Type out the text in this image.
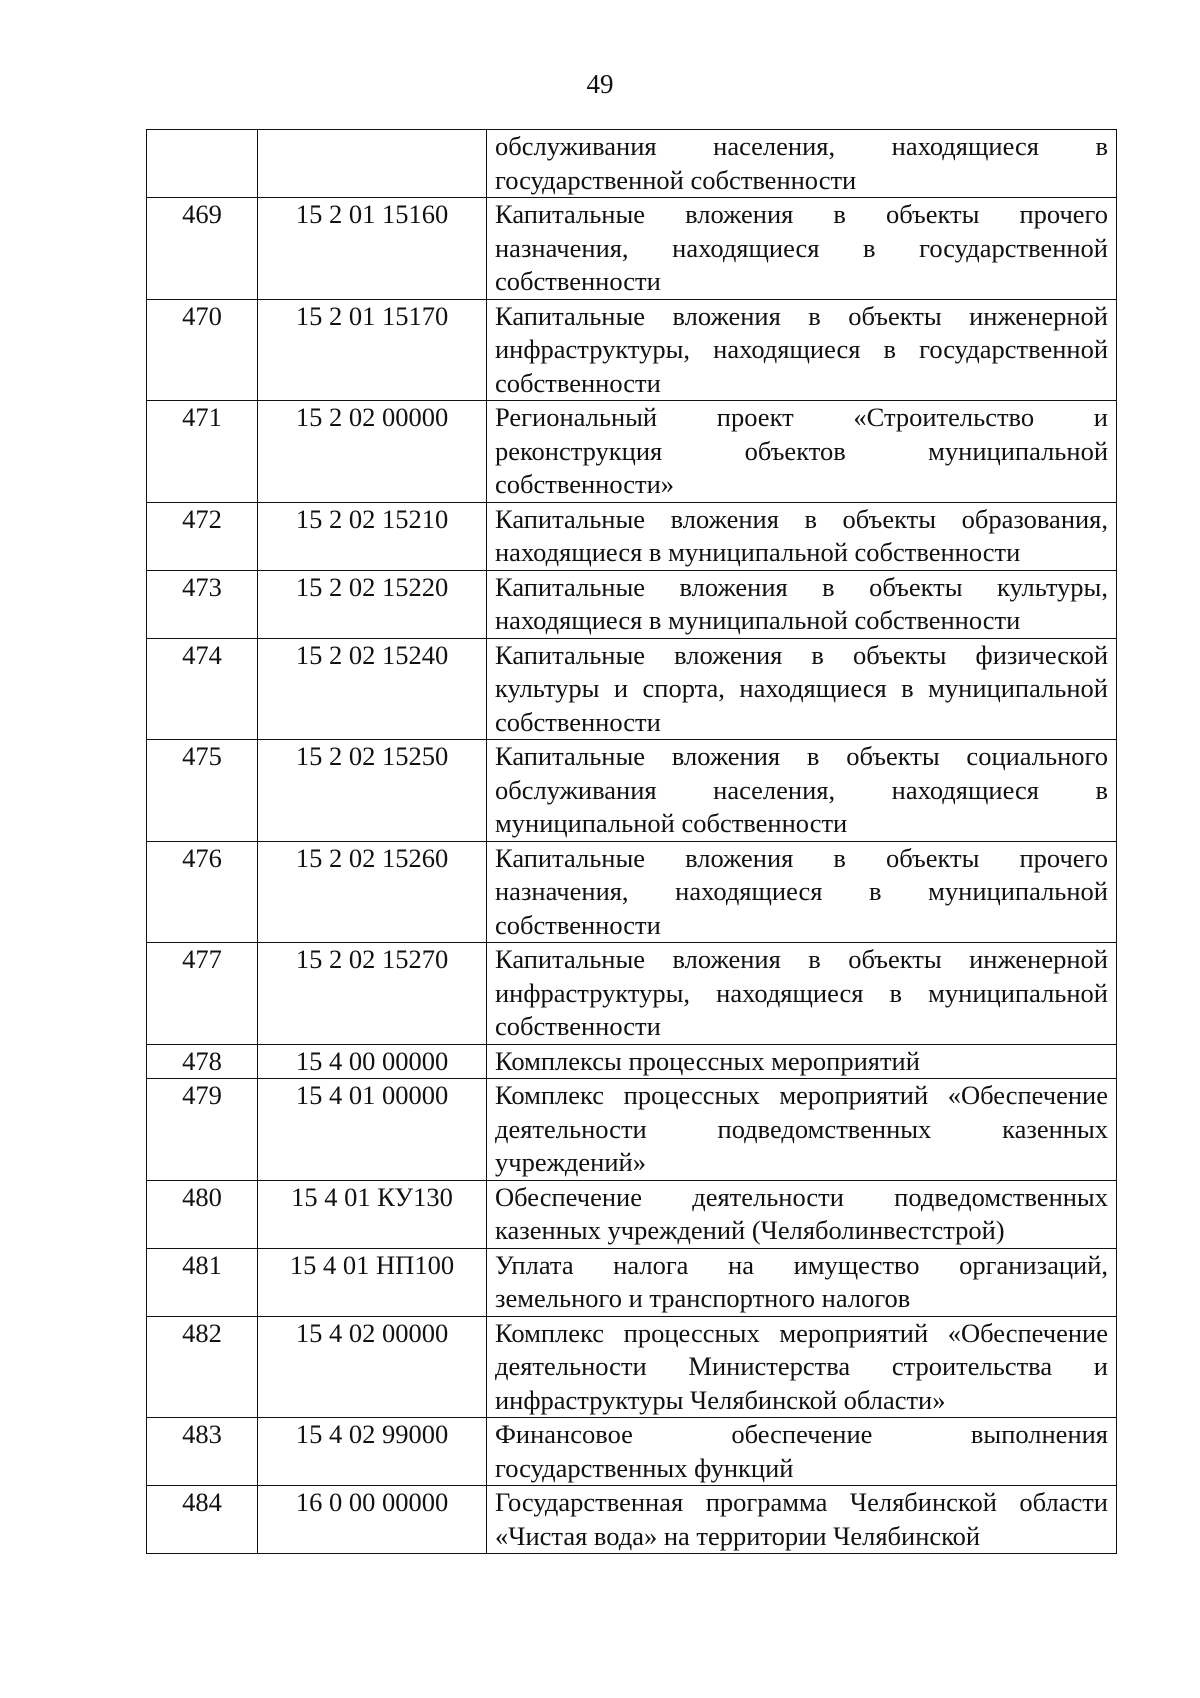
49
		обслуживания населения, находящиеся в государственной собственности
469	15 2 01 15160	Капитальные вложения в объекты прочего назначения, находящиеся в государственной собственности
470	15 2 01 15170	Капитальные вложения в объекты инженерной инфраструктуры, находящиеся в государственной собственности
471	15 2 02 00000	Региональный проект «Строительство и реконструкция объектов муниципальной собственности»
472	15 2 02 15210	Капитальные вложения в объекты образования, находящиеся в муниципальной собственности
473	15 2 02 15220	Капитальные вложения в объекты культуры, находящиеся в муниципальной собственности
474	15 2 02 15240	Капитальные вложения в объекты физической культуры и спорта, находящиеся в муниципальной собственности
475	15 2 02 15250	Капитальные вложения в объекты социального обслуживания населения, находящиеся в муниципальной собственности
476	15 2 02 15260	Капитальные вложения в объекты прочего назначения, находящиеся в муниципальной собственности
477	15 2 02 15270	Капитальные вложения в объекты инженерной инфраструктуры, находящиеся в муниципальной собственности
478	15 4 00 00000	Комплексы процессных мероприятий
479	15 4 01 00000	Комплекс процессных мероприятий «Обеспечение деятельности подведомственных казенных учреждений»
480	15 4 01 КУ130	Обеспечение деятельности подведомственных казенных учреждений (Челяболинвестстрой)
481	15 4 01 НП100	Уплата налога на имущество организаций, земельного и транспортного налогов
482	15 4 02 00000	Комплекс процессных мероприятий «Обеспечение деятельности Министерства строительства и инфраструктуры Челябинской области»
483	15 4 02 99000	Финансовое обеспечение выполнения государственных функций
484	16 0 00 00000	Государственная программа Челябинской области «Чистая вода» на территории Челябинской
